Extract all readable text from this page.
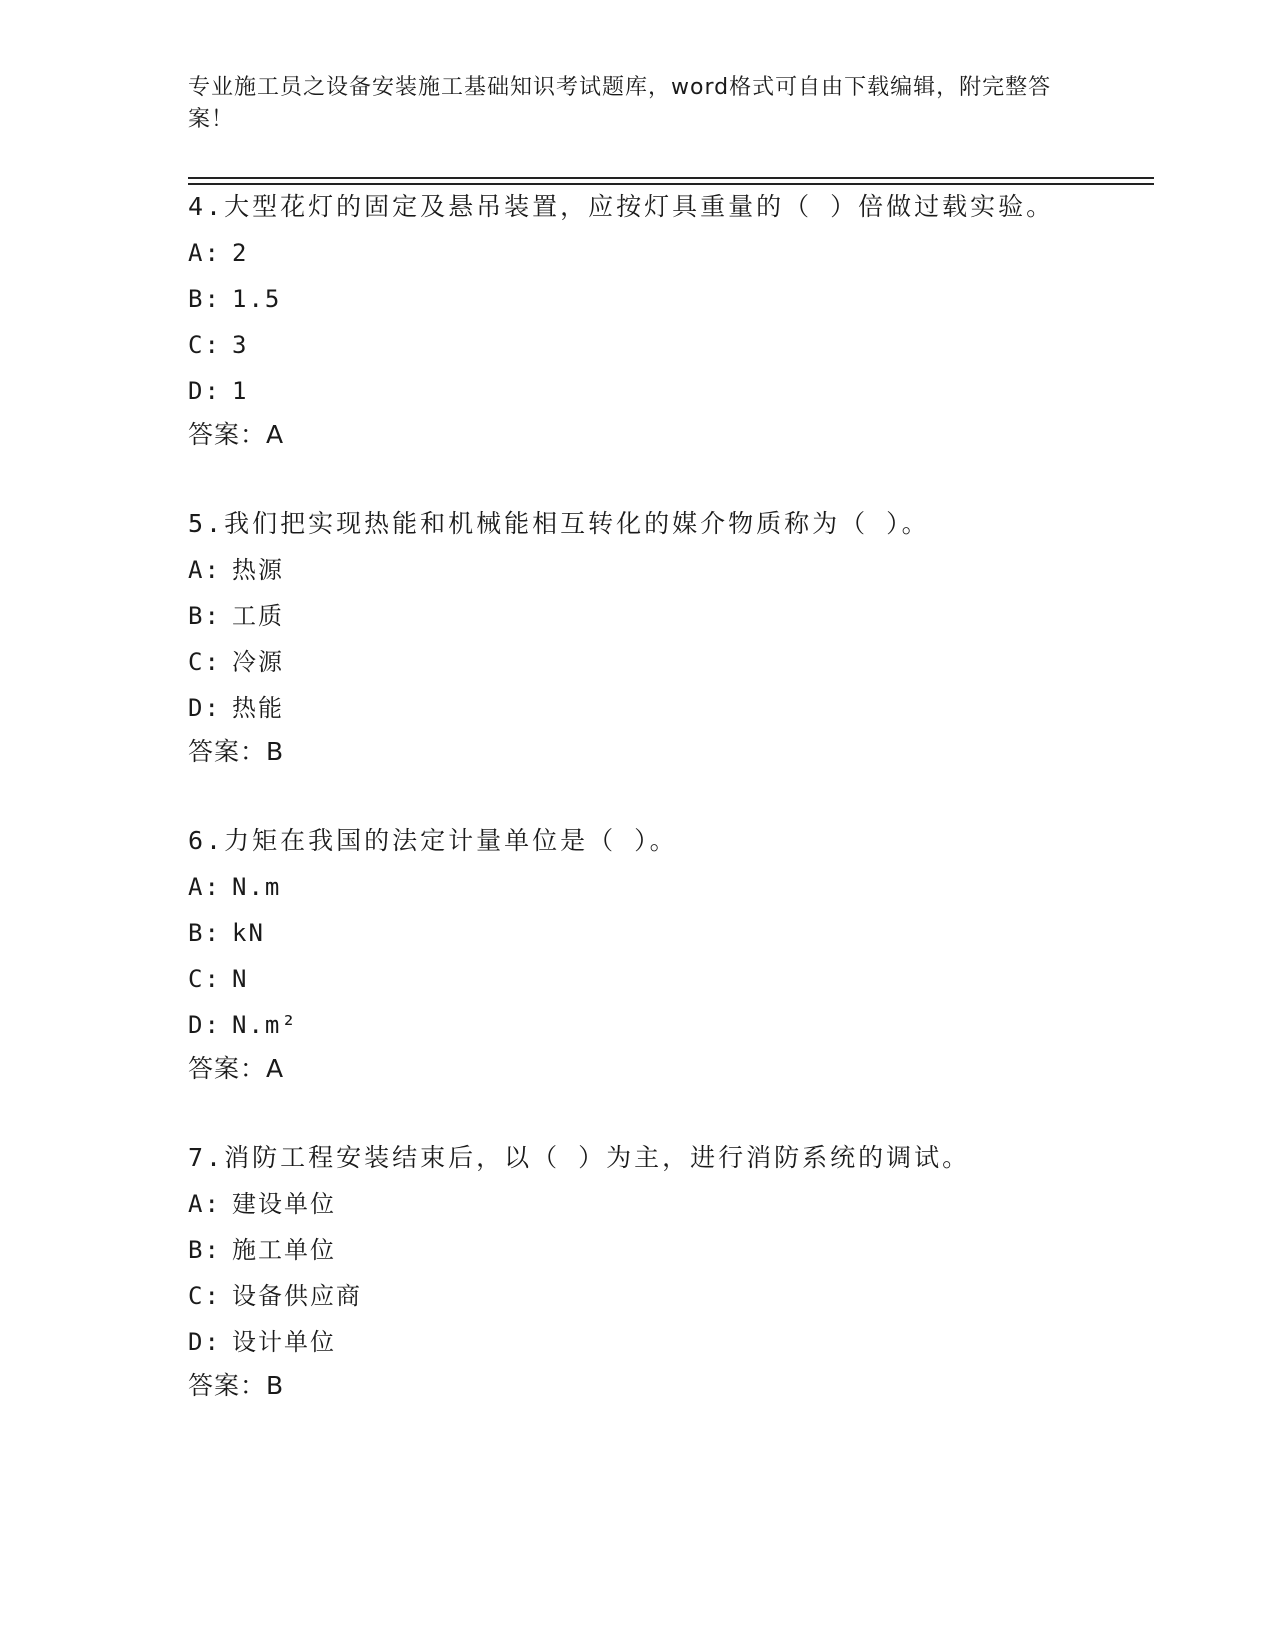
专业施工员之设备安装施工基础知识考试题库，word格式可自由下载编辑，附完整答案！
4.大型花灯的固定及悬吊装置，应按灯具重量的（ ）倍做过载实验。
A: 2
B: 1.5
C: 3
D: 1
答案：A
5.我们把实现热能和机械能相互转化的媒介物质称为（ ）。
A: 热源
B: 工质
C: 冷源
D: 热能
答案：B
6.力矩在我国的法定计量单位是（ ）。
A: N.m
B: kN
C: N
D: N.m²
答案：A
7.消防工程安装结束后，以（ ）为主，进行消防系统的调试。
A: 建设单位
B: 施工单位
C: 设备供应商
D: 设计单位
答案：B
